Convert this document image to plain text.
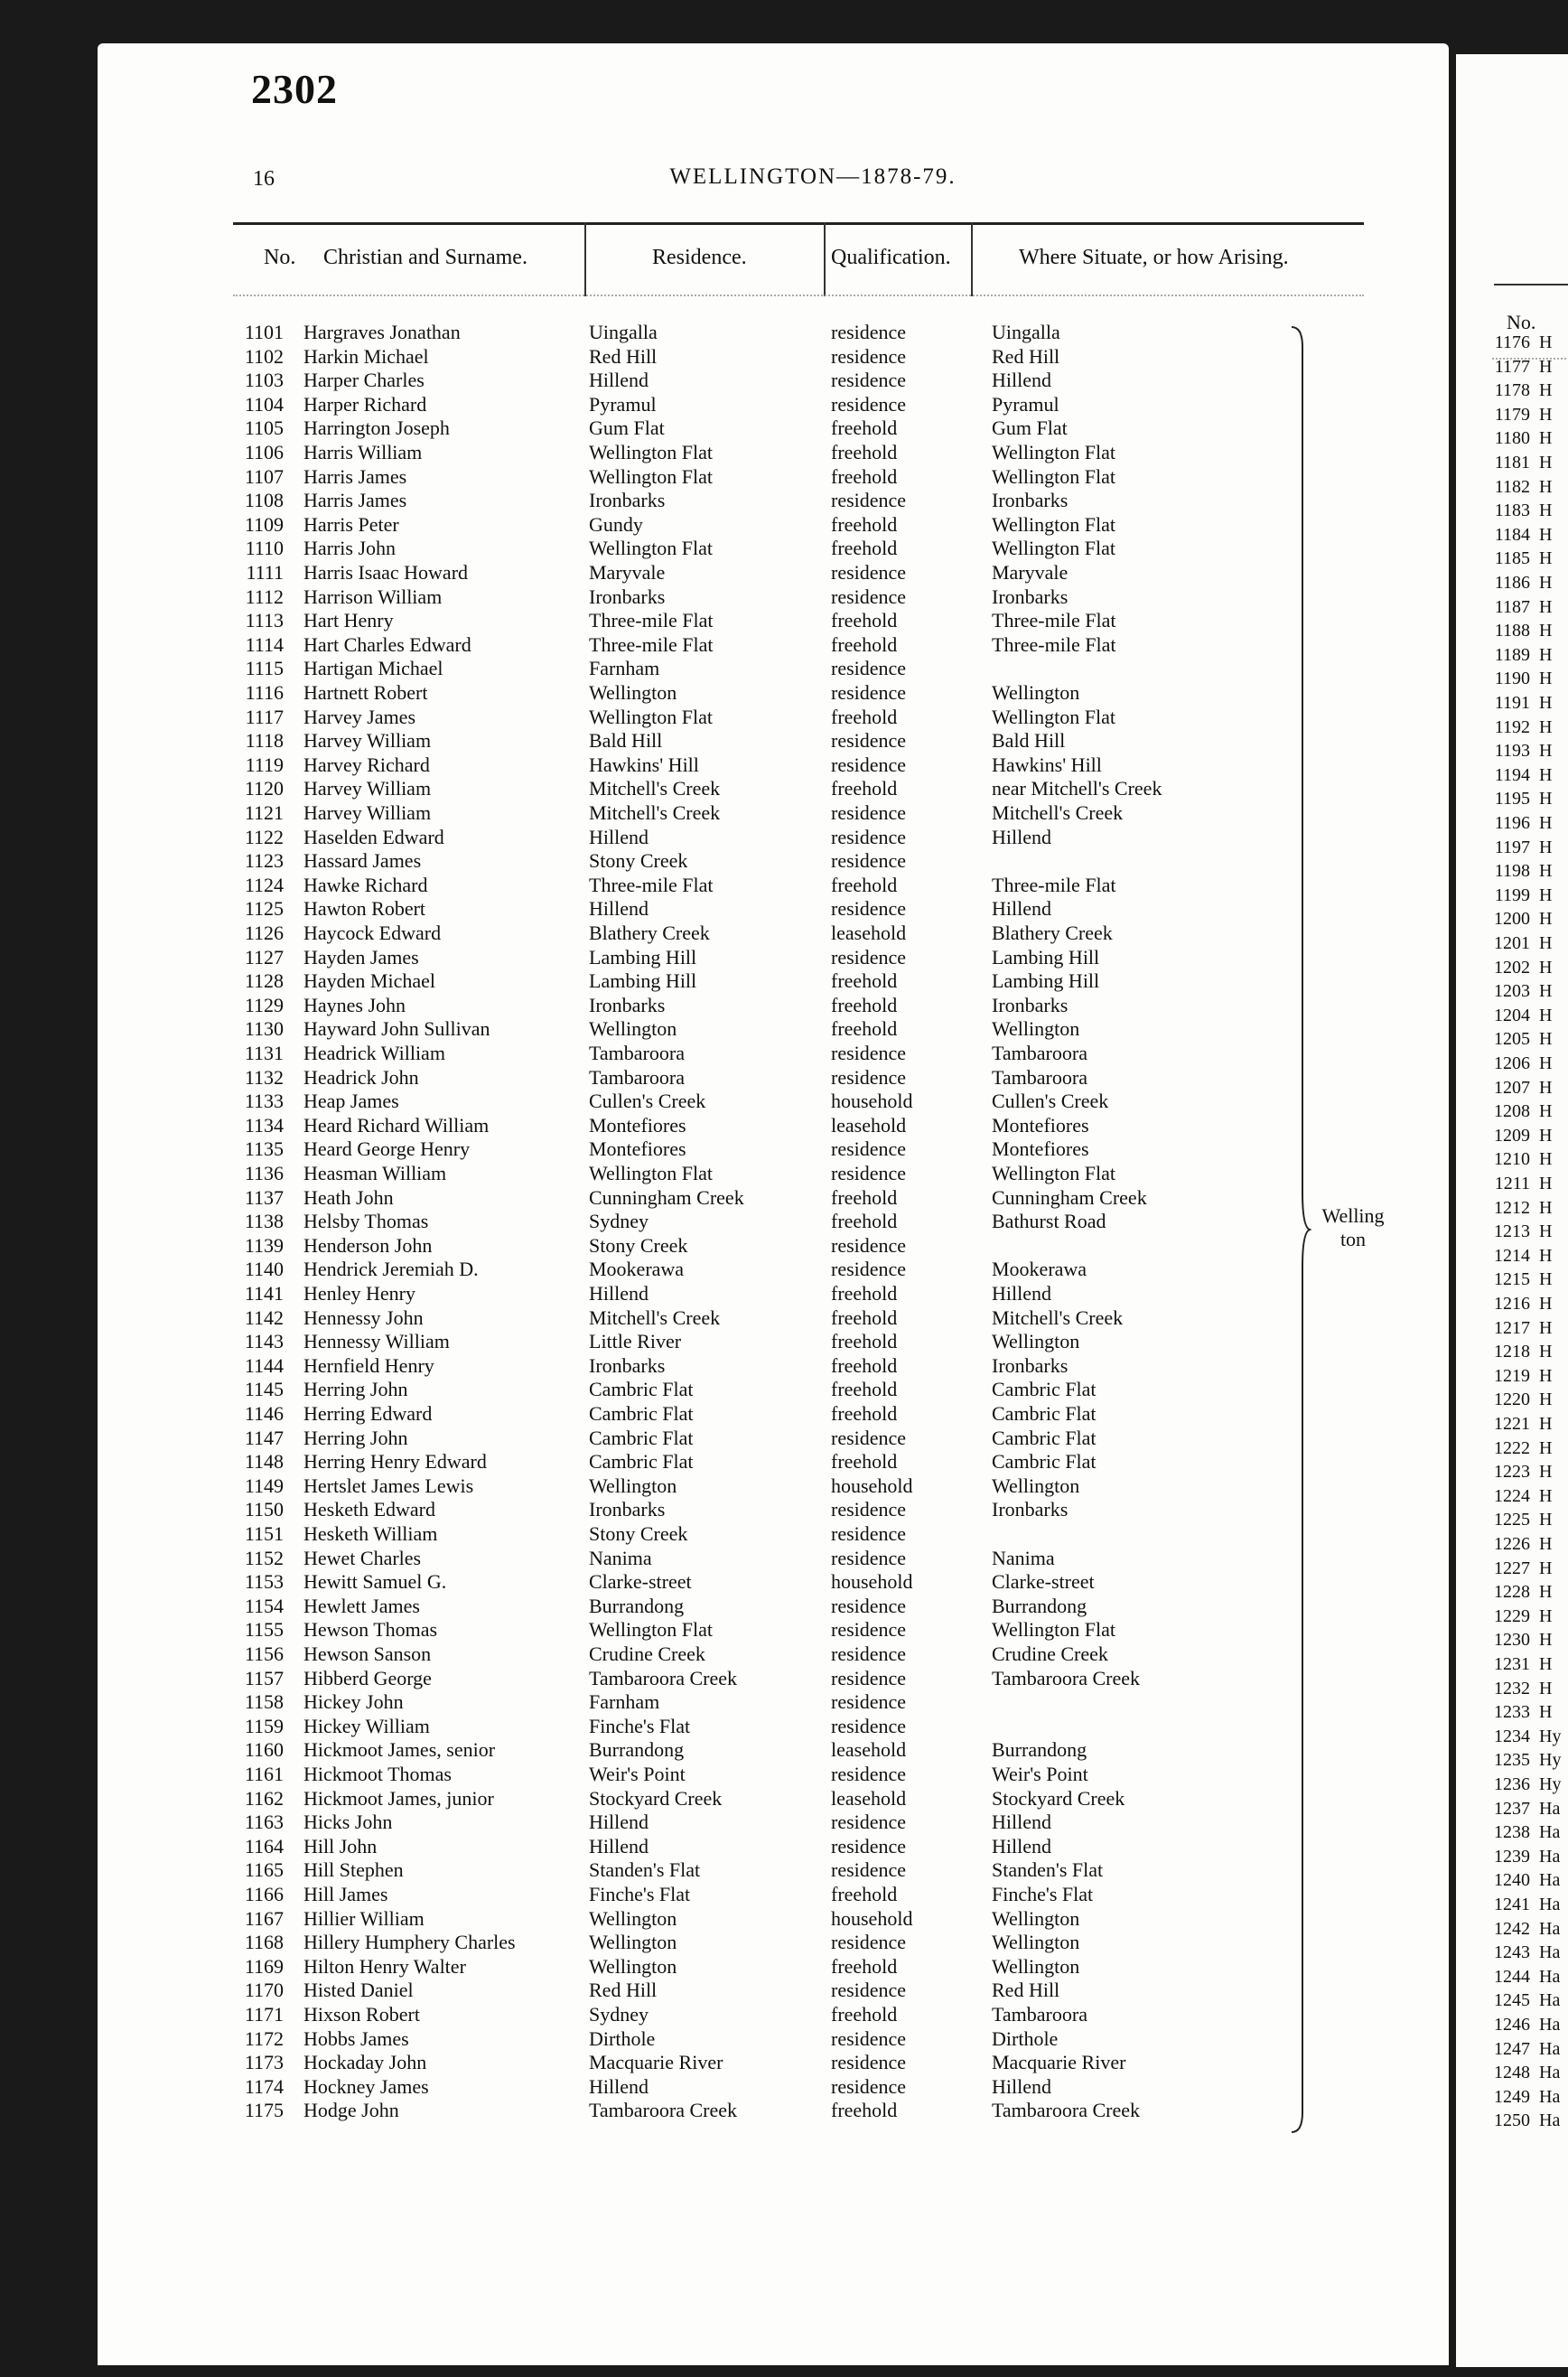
2302
16	WELLINGTON—1878-79.
No. Christian and Surname.	Residence.	Qualification.	Where Situate, or how Arising.
1101 Hargraves Jonathan	Uingalla	residence	Uingalla
1102 Harkin Michael	Red Hill	residence	Red Hill
1103 Harper Charles	Hillend	residence	Hillend
1104 Harper Richard	Pyramul	residence	Pyramul
1105 Harrington Joseph	Gum Flat	freehold	Gum Flat
1106 Harris William	Wellington Flat	freehold	Wellington Flat
1107 Harris James	Wellington Flat	freehold	Wellington Flat
1108 Harris James	Ironbarks	residence	Ironbarks
1109 Harris Peter	Gundy	freehold	Wellington Flat
1110 Harris John	Wellington Flat	freehold	Wellington Flat
1111 Harris Isaac Howard	Maryvale	residence	Maryvale
1112 Harrison William	Ironbarks	residence	Ironbarks
1113 Hart Henry	Three-mile Flat	freehold	Three-mile Flat
1114 Hart Charles Edward	Three-mile Flat	freehold	Three-mile Flat
1115 Hartigan Michael	Farnham	residence
1116 Hartnett Robert	Wellington	residence	Wellington
1117 Harvey James	Wellington Flat	freehold	Wellington Flat
1118 Harvey William	Bald Hill	residence	Bald Hill
1119 Harvey Richard	Hawkins' Hill	residence	Hawkins' Hill
1120 Harvey William	Mitchell's Creek	freehold	near Mitchell's Creek
1121 Harvey William	Mitchell's Creek	residence	Mitchell's Creek
1122 Haselden Edward	Hillend	residence	Hillend
1123 Hassard James	Stony Creek	residence
1124 Hawke Richard	Three-mile Flat	freehold	Three-mile Flat
1125 Hawton Robert	Hillend	residence	Hillend
1126 Haycock Edward	Blathery Creek	leasehold	Blathery Creek
1127 Hayden James	Lambing Hill	residence	Lambing Hill
1128 Hayden Michael	Lambing Hill	freehold	Lambing Hill
1129 Haynes John	Ironbarks	freehold	Ironbarks
1130 Hayward John Sullivan	Wellington	freehold	Wellington
1131 Headrick William	Tambaroora	residence	Tambaroora
1132 Headrick John	Tambaroora	residence	Tambaroora
1133 Heap James	Cullen's Creek	household	Cullen's Creek
1134 Heard Richard William	Montefiores	leasehold	Montefiores
1135 Heard George Henry	Montefiores	residence	Montefiores
1136 Heasman William	Wellington Flat	residence	Wellington Flat
1137 Heath John	Cunningham Creek	freehold	Cunningham Creek
1138 Helsby Thomas	Sydney	freehold	Bathurst Road
1139 Henderson John	Stony Creek	residence
1140 Hendrick Jeremiah D.	Mookerawa	residence	Mookerawa
1141 Henley Henry	Hillend	freehold	Hillend
1142 Hennessy John	Mitchell's Creek	freehold	Mitchell's Creek
1143 Hennessy William	Little River	freehold	Wellington
1144 Hernfield Henry	Ironbarks	freehold	Ironbarks
1145 Herring John	Cambric Flat	freehold	Cambric Flat
1146 Herring Edward	Cambric Flat	freehold	Cambric Flat
1147 Herring John	Cambric Flat	residence	Cambric Flat
1148 Herring Henry Edward	Cambric Flat	freehold	Cambric Flat
1149 Hertslet James Lewis	Wellington	household	Wellington
1150 Hesketh Edward	Ironbarks	residence	Ironbarks
1151 Hesketh William	Stony Creek	residence
1152 Hewet Charles	Nanima	residence	Nanima
1153 Hewitt Samuel G.	Clarke-street	household	Clarke-street
1154 Hewlett James	Burrandong	residence	Burrandong
1155 Hewson Thomas	Wellington Flat	residence	Wellington Flat
1156 Hewson Sanson	Crudine Creek	residence	Crudine Creek
1157 Hibberd George	Tambaroora Creek	residence	Tambaroora Creek
1158 Hickey John	Farnham	residence
1159 Hickey William	Finche's Flat	residence
1160 Hickmoot James, senior	Burrandong	leasehold	Burrandong
1161 Hickmoot Thomas	Weir's Point	residence	Weir's Point
1162 Hickmoot James, junior	Stockyard Creek	leasehold	Stockyard Creek
1163 Hicks John	Hillend	residence	Hillend
1164 Hill John	Hillend	residence	Hillend
1165 Hill Stephen	Standen's Flat	residence	Standen's Flat
1166 Hill James	Finche's Flat	freehold	Finche's Flat
1167 Hillier William	Wellington	household	Wellington
1168 Hillery Humphery Charles	Wellington	residence	Wellington
1169 Hilton Henry Walter	Wellington	freehold	Wellington
1170 Histed Daniel	Red Hill	residence	Red Hill
1171 Hixson Robert	Sydney	freehold	Tambaroora
1172 Hobbs James	Dirthole	residence	Dirthole
1173 Hockaday John	Macquarie River	residence	Macquarie River
1174 Hockney James	Hillend	residence	Hillend
1175 Hodge John	Tambaroora Creek	freehold	Tambaroora Creek
Welling
ton
No.
1176 H
1177 H
1178 H
1179 H
1180 H
1181 H
1182 H
1183 H
1184 H
1185 H
1186 H
1187 H
1188 H
1189 H
1190 H
1191 H
1192 H
1193 H
1194 H
1195 H
1196 H
1197 H
1198 H
1199 H
1200 H
1201 H
1202 H
1203 H
1204 H
1205 H
1206 H
1207 H
1208 H
1209 H
1210 H
1211 H
1212 H
1213 H
1214 H
1215 H
1216 H
1217 H
1218 H
1219 H
1220 H
1221 H
1222 H
1223 H
1224 H
1225 H
1226 H
1227 H
1228 H
1229 H
1230 H
1231 H
1232 H
1233 H
1234 Hy
1235 Hy
1236 Hy
1237 Ha
1238 Ha
1239 Ha
1240 Ha
1241 Ha
1242 Ha
1243 Ha
1244 Ha
1245 Ha
1246 Ha
1247 Ha
1248 Ha
1249 Ha
1250 Ha
